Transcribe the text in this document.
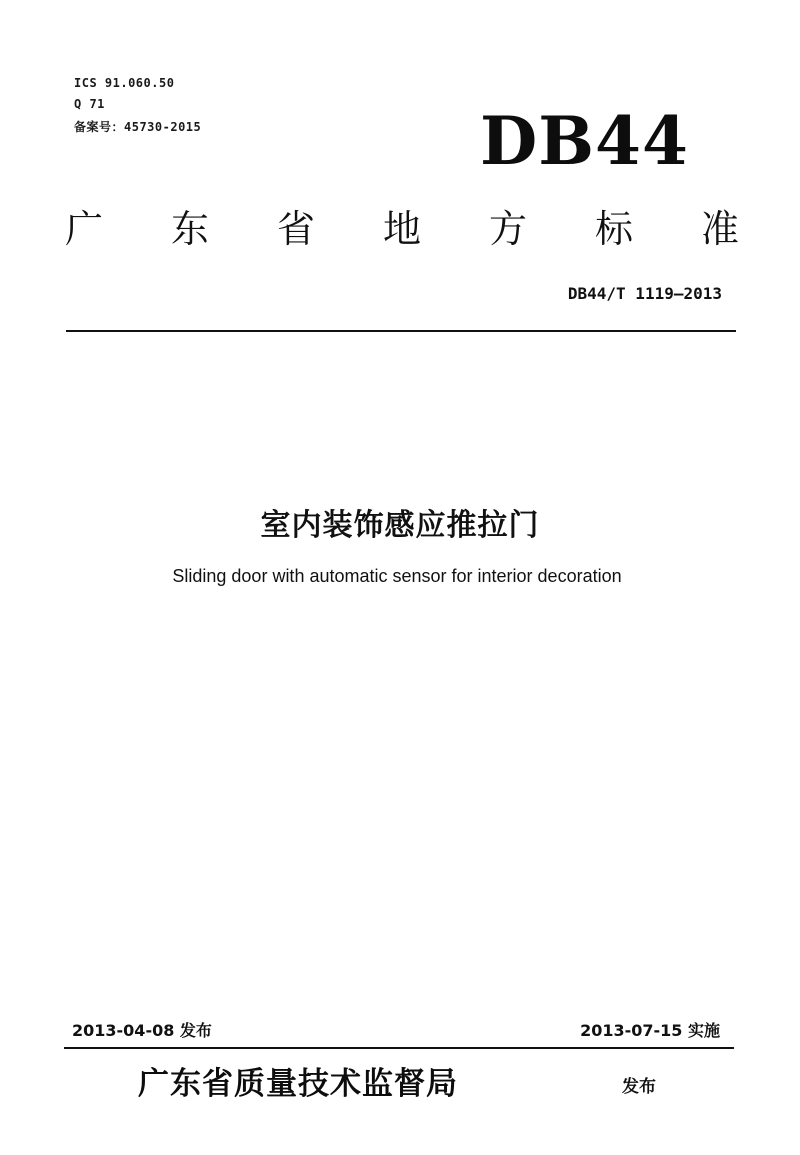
ICS 91.060.50
Q 71
备案号：45730-2015	DB44
广 东 省 地 方 标 准
DB44/T 1119—2013
室内装饰感应推拉门
Sliding door with automatic sensor for interior decoration
2013-04-08 发布	2013-07-15 实施
广东省质量技术监督局	发布
